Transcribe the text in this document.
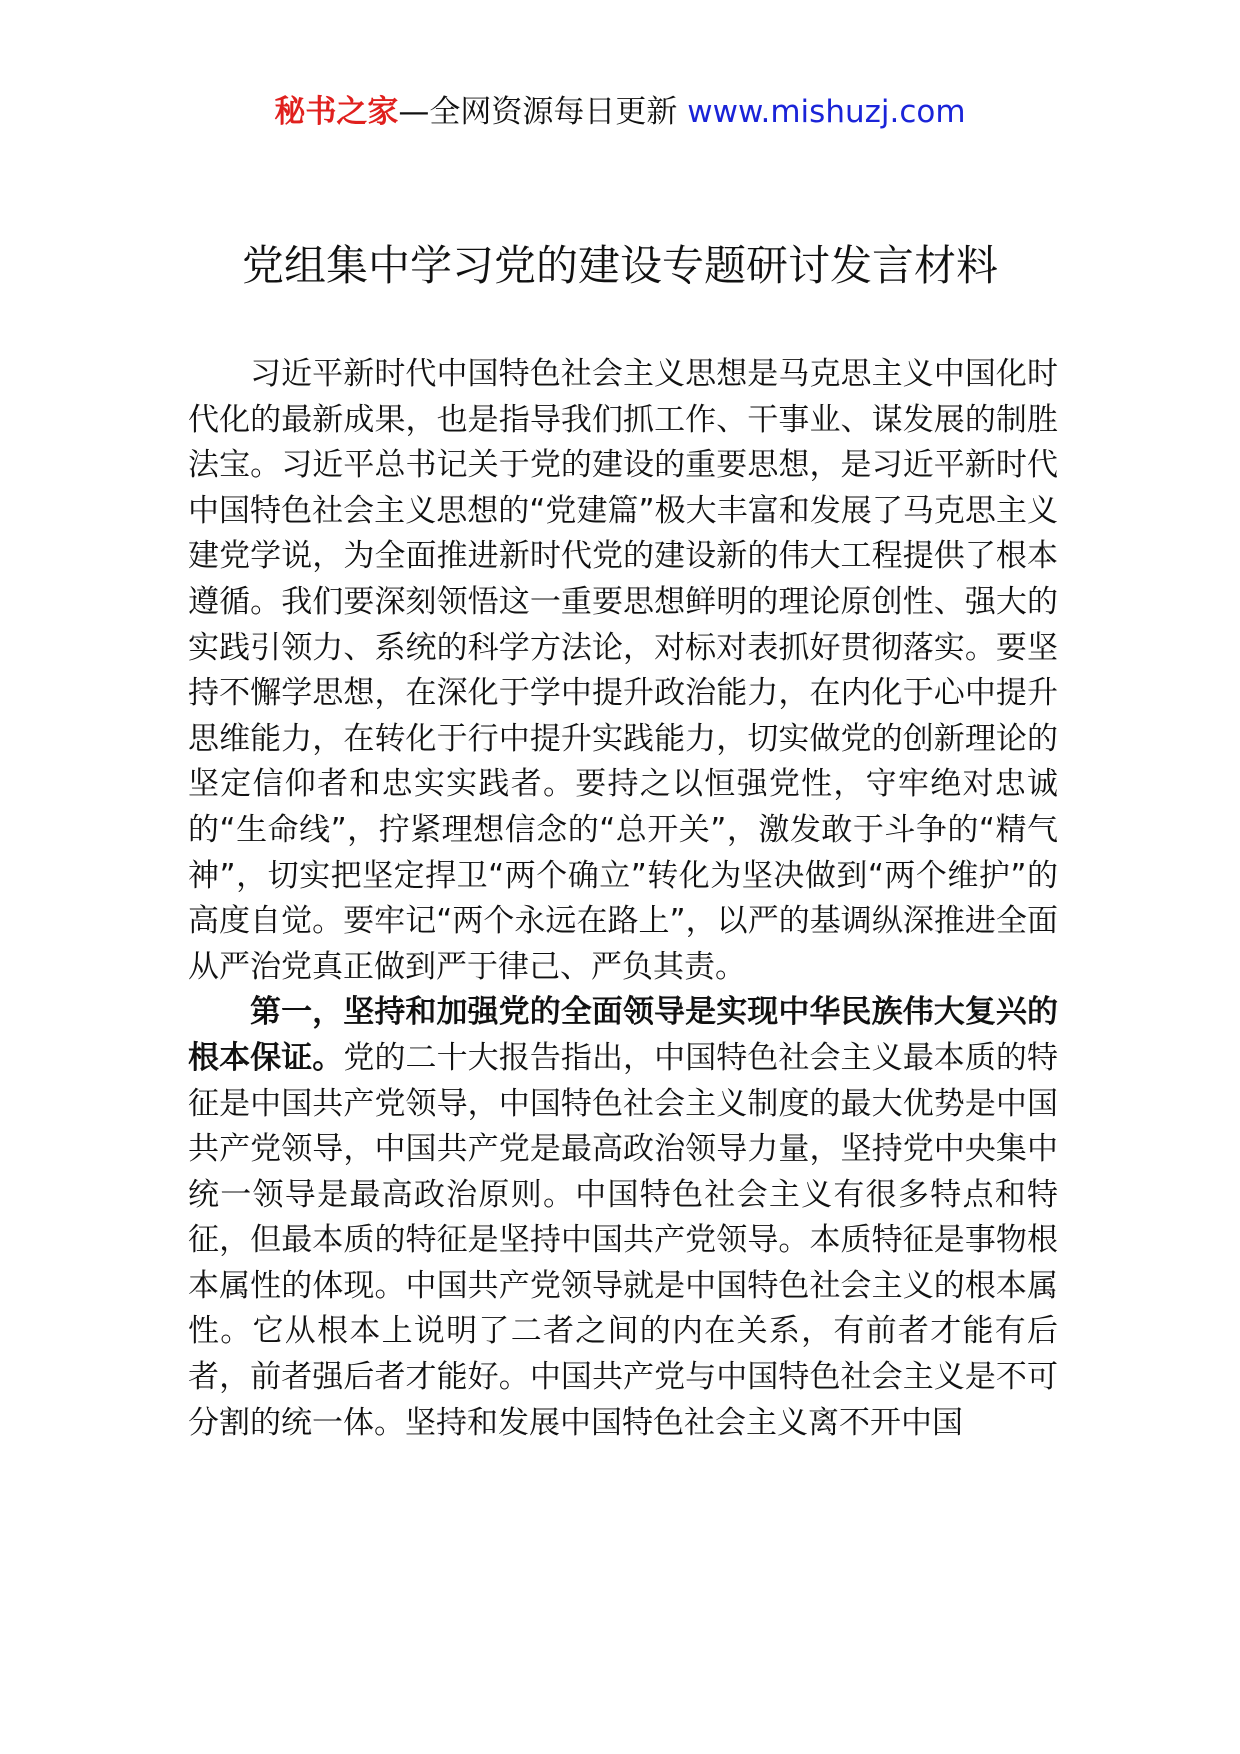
秘书之家—全网资源每日更新 www.mishuzj.com
党组集中学习党的建设专题研讨发言材料

习近平新时代中国特色社会主义思想是马克思主义中国化时代化的最新成果，也是指导我们抓工作、干事业、谋发展的制胜法宝。习近平总书记关于党的建设的重要思想，是习近平新时代中国特色社会主义思想的“党建篇”极大丰富和发展了马克思主义建党学说，为全面推进新时代党的建设新的伟大工程提供了根本遵循。我们要深刻领悟这一重要思想鲜明的理论原创性、强大的实践引领力、系统的科学方法论，对标对表抓好贯彻落实。要坚持不懈学思想，在深化于学中提升政治能力，在内化于心中提升思维能力，在转化于行中提升实践能力，切实做党的创新理论的坚定信仰者和忠实实践者。要持之以恒强党性，守牢绝对忠诚的“生命线”，拧紧理想信念的“总开关”，激发敢于斗争的“精气神”，切实把坚定捍卫“两个确立”转化为坚决做到“两个维护”的高度自觉。要牢记“两个永远在路上”，以严的基调纵深推进全面从严治党真正做到严于律己、严负其责。

第一，坚持和加强党的全面领导是实现中华民族伟大复兴的根本保证。党的二十大报告指出，中国特色社会主义最本质的特征是中国共产党领导，中国特色社会主义制度的最大优势是中国共产党领导，中国共产党是最高政治领导力量，坚持党中央集中统一领导是最高政治原则。中国特色社会主义有很多特点和特征，但最本质的特征是坚持中国共产党领导。本质特征是事物根本属性的体现。中国共产党领导就是中国特色社会主义的根本属性。它从根本上说明了二者之间的内在关系，有前者才能有后者，前者强后者才能好。中国共产党与中国特色社会主义是不可分割的统一体。坚持和发展中国特色社会主义离不开中国
